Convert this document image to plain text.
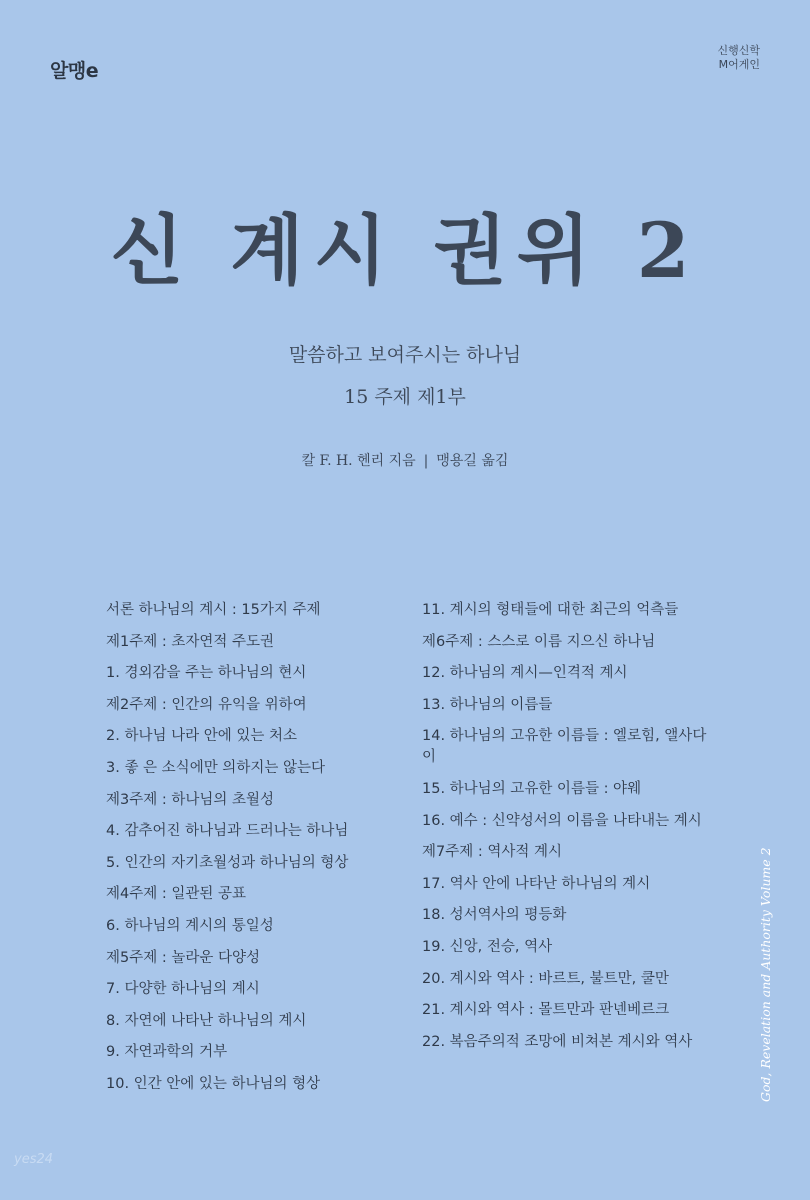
알맹e
신행신학
M어게인
신 계시 권위 2
말씀하고 보여주시는 하나님
15 주제 제1부
칼 F. H. 헨리 지음 | 맹용길 옮김
서론 하나님의 계시 : 15가지 주제
제1주제 : 초자연적 주도권
1. 경외감을 주는 하나님의 현시
제2주제 : 인간의 유익을 위하여
2. 하나님 나라 안에 있는 처소
3. 좋 은 소식에만 의하지는 않는다
제3주제 : 하나님의 초월성
4. 감추어진 하나님과 드러나는 하나님
5. 인간의 자기초월성과 하나님의 형상
제4주제 : 일관된 공표
6. 하나님의 계시의 통일성
제5주제 : 놀라운 다양성
7. 다양한 하나님의 계시
8. 자연에 나타난 하나님의 계시
9. 자연과학의 거부
10. 인간 안에 있는 하나님의 형상
11. 계시의 형태들에 대한 최근의 억측들
제6주제 : 스스로 이름 지으신 하나님
12. 하나님의 계시—인격적 계시
13. 하나님의 이름들
14. 하나님의 고유한 이름들 : 엘로힘, 앨사다이
15. 하나님의 고유한 이름들 : 야웨
16. 예수 : 신약성서의 이름을 나타내는 계시
제7주제 : 역사적 계시
17. 역사 안에 나타난 하나님의 계시
18. 성서역사의 평등화
19. 신앙, 전승, 역사
20. 계시와 역사 : 바르트, 불트만, 쿨만
21. 계시와 역사 : 몰트만과 판넨베르크
22. 복음주의적 조망에 비쳐본 계시와 역사	God, Revelation and Authority Volume 2
yes24
